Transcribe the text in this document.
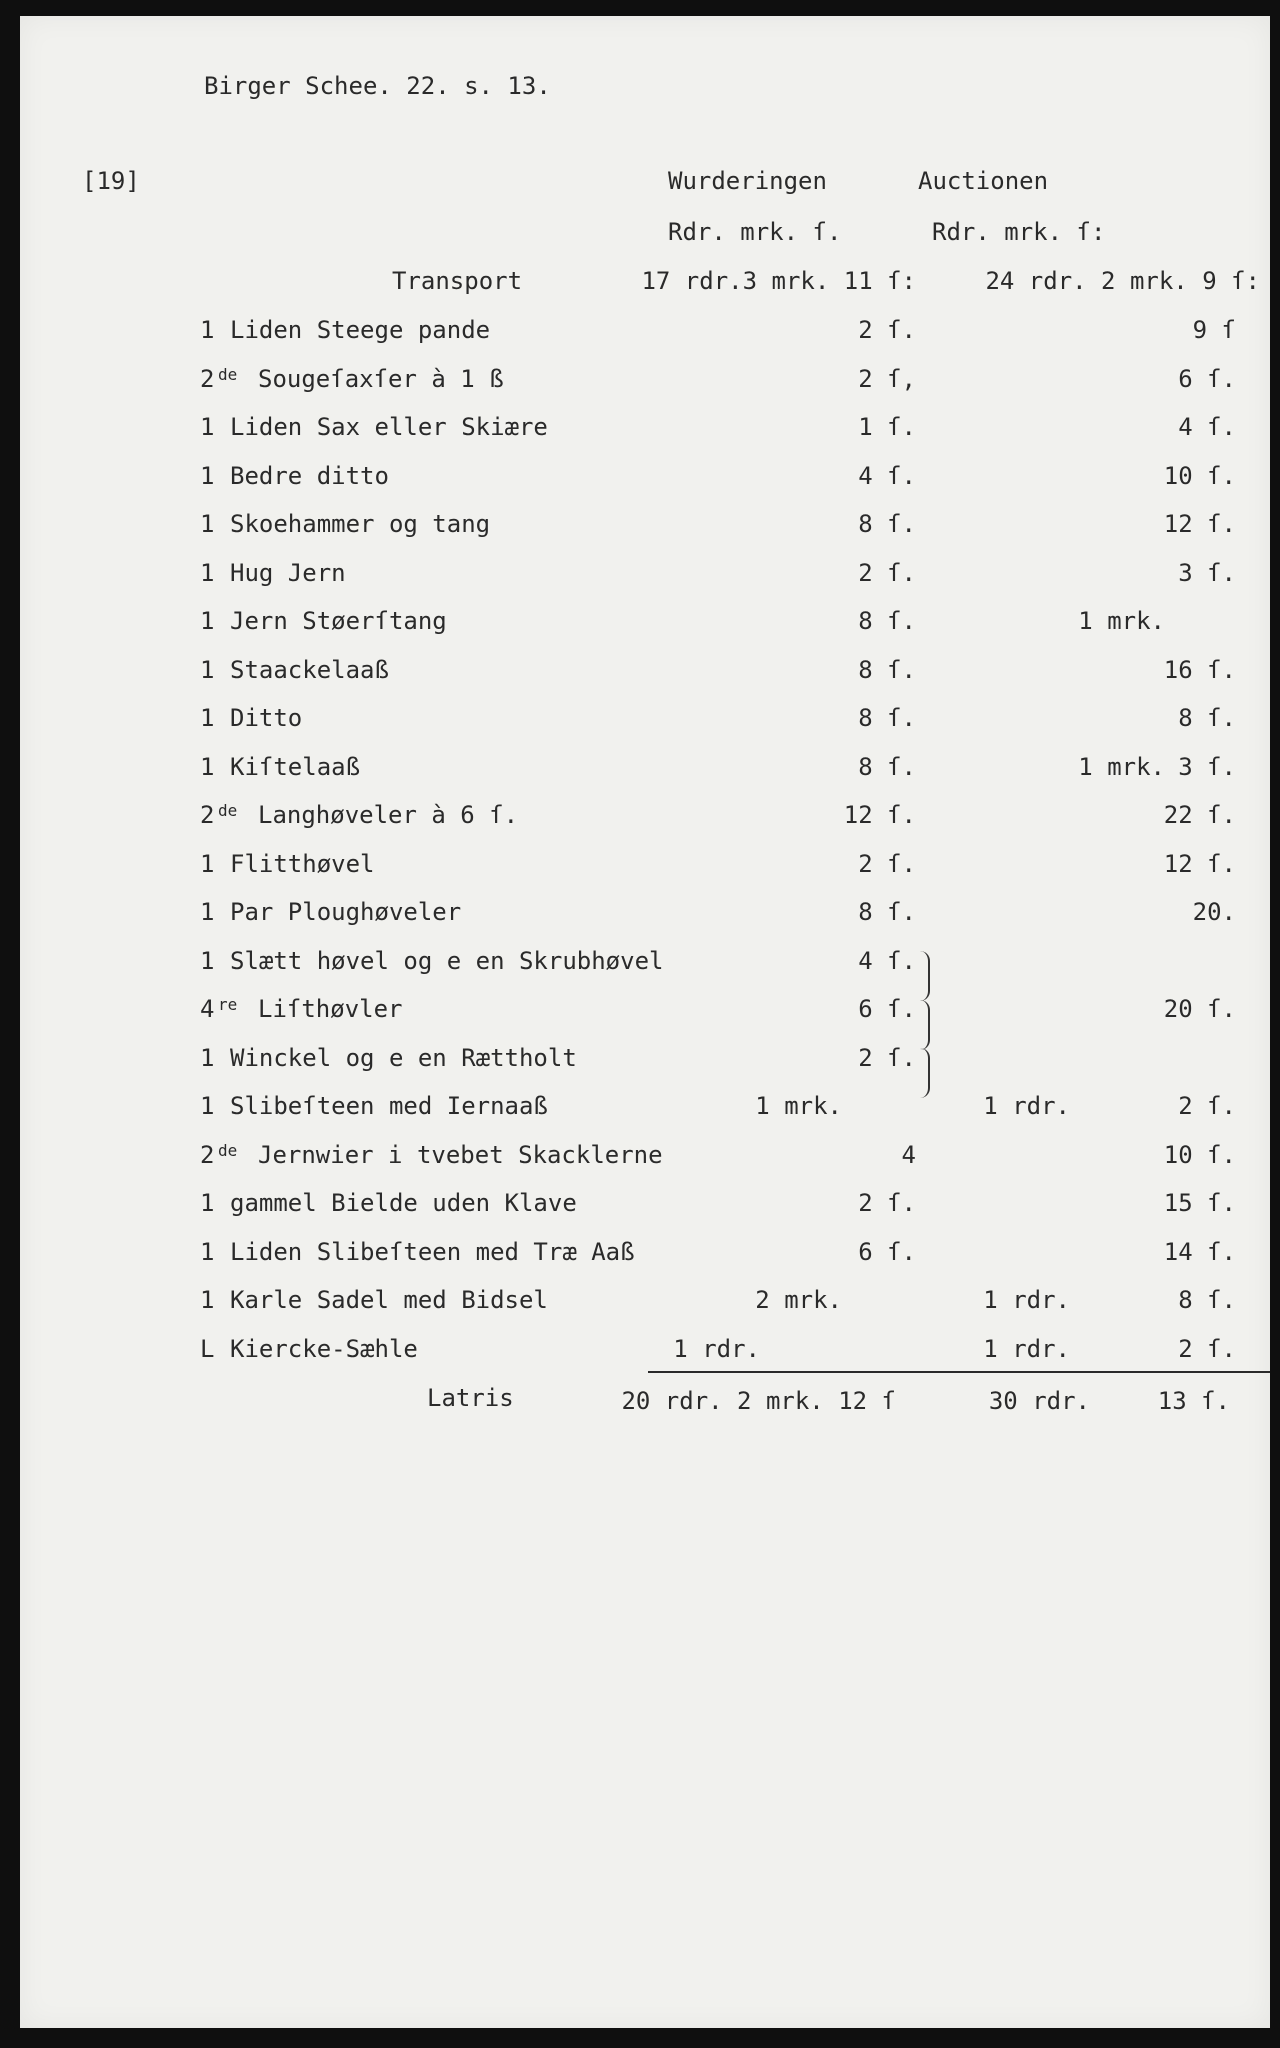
Birger Schee. 22. s. 13.
[19]	Wurderingen	Auctionen
Rdr. mrk. ſ.	Rdr. mrk. ſ:
Transport	17 rdr.3 mrk. 11 ſ:	24 rdr. 2 mrk. 9 ſ:
1 Liden Steege pande	2 ſ.	9 ſ
2 de Sougeſaxſer à 1 ß	2 ſ,	6 ſ.
1 Liden Sax eller Skiære	1 ſ.	4 ſ.
1 Bedre ditto	4 ſ.	10 ſ.
1 Skoehammer og tang	8 ſ.	12 ſ.
1 Hug Jern	2 ſ.	3 ſ.
1 Jern Støerſtang	8 ſ.	1 mrk.
1 Staackelaaß	8 ſ.	16 ſ.
1 Ditto	8 ſ.	8 ſ.
1 Kiſtelaaß	8 ſ.	1 mrk. 3 ſ.
2 de Langhøveler à 6 ſ.	12 ſ.	22 ſ.
1 Flitthøvel	2 ſ.	12 ſ.
1 Par Ploughøveler	8 ſ.	20.
1 Slætt høvel og e en Skrubhøvel	4 ſ.
4 re Liſthøvler	6 ſ.	20 ſ.
1 Winckel og e en Rættholt	2 ſ.
1 Slibeſteen med Iernaaß	1 mrk.	1 rdr.	2 ſ.
2 de Jernwier i tvebet Skacklerne	4	10 ſ.
1 gammel Bielde uden Klave	2 ſ.	15 ſ.
1 Liden Slibeſteen med Træ Aaß	6 ſ.	14 ſ.
1 Karle Sadel med Bidsel	2 mrk.	1 rdr.	8 ſ.
L Kiercke-Sæhle	1 rdr.	1 rdr.	2 ſ.
Latris	20 rdr. 2 mrk. 12 ſ	30 rdr.	13 ſ.
